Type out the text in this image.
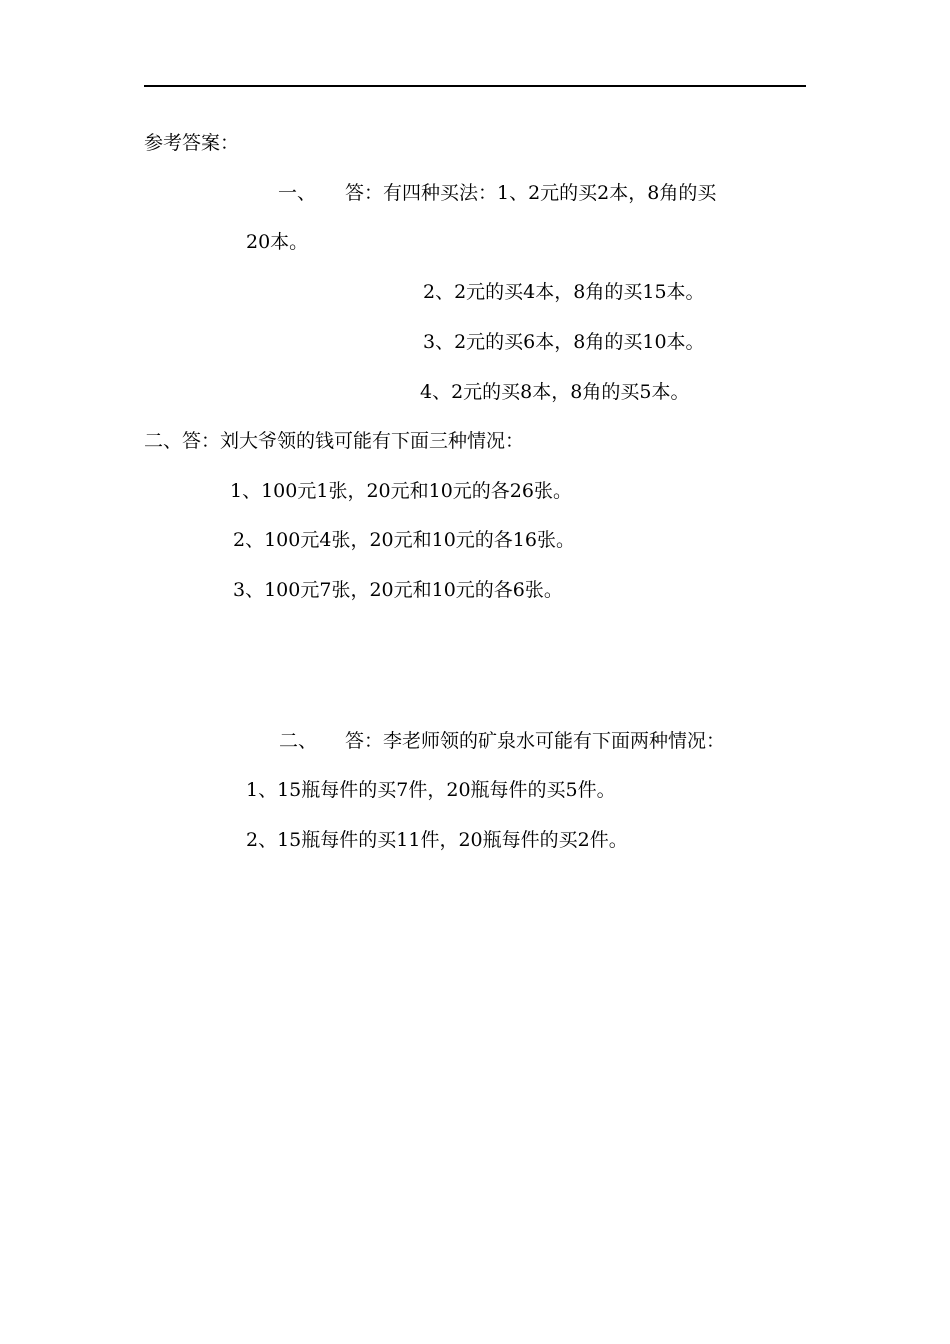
参考答案：
一、 答：有四种买法：1、2元的买2本，8角的买
20本。
2、2元的买4本，8角的买15本。
3、2元的买6本，8角的买10本。
4、2元的买8本，8角的买5本。
二、答：刘大爷领的钱可能有下面三种情况：
1、100元1张，20元和10元的各26张。
2、100元4张，20元和10元的各16张。
3、100元7张，20元和10元的各6张。
二、 答：李老师领的矿泉水可能有下面两种情况：
1、15瓶每件的买7件，20瓶每件的买5件。
2、15瓶每件的买11件，20瓶每件的买2件。
